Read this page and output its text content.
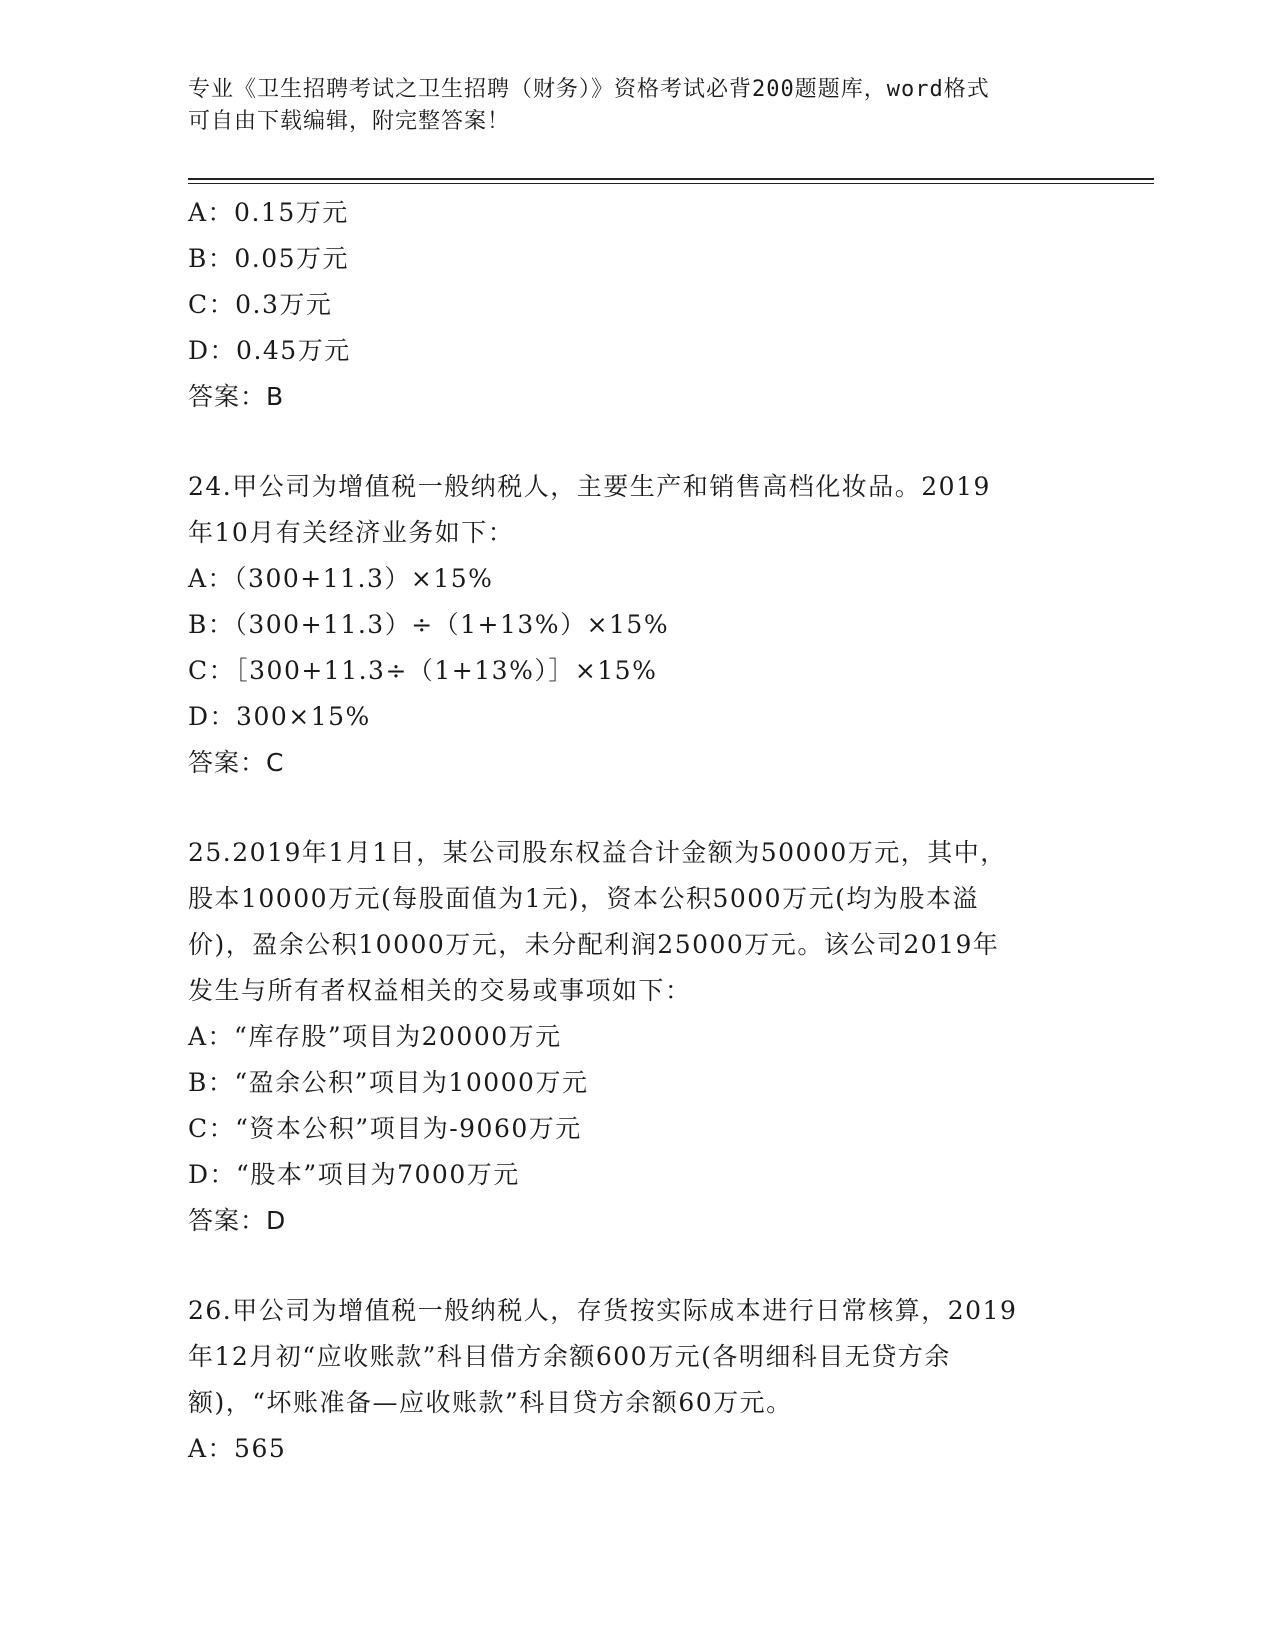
专业《卫生招聘考试之卫生招聘（财务）》资格考试必背200题题库，word格式
可自由下载编辑，附完整答案！
A：0.15万元
B：0.05万元
C：0.3万元
D：0.45万元
答案：B
24.甲公司为增值税一般纳税人，主要生产和销售高档化妆品。2019
年10月有关经济业务如下：
A：（300+11.3）×15%
B：（300+11.3）÷（1+13%）×15%
C：［300+11.3÷（1+13%）］×15%
D：300×15%
答案：C
25.2019年1月1日，某公司股东权益合计金额为50000万元，其中，
股本10000万元(每股面值为1元)，资本公积5000万元(均为股本溢
价)，盈余公积10000万元，未分配利润25000万元。该公司2019年
发生与所有者权益相关的交易或事项如下：
A：“库存股”项目为20000万元
B：“盈余公积”项目为10000万元
C：“资本公积”项目为-9060万元
D：“股本”项目为7000万元
答案：D
26.甲公司为增值税一般纳税人，存货按实际成本进行日常核算，2019
年12月初“应收账款”科目借方余额600万元(各明细科目无贷方余
额)，“坏账准备—应收账款”科目贷方余额60万元。
A：565
